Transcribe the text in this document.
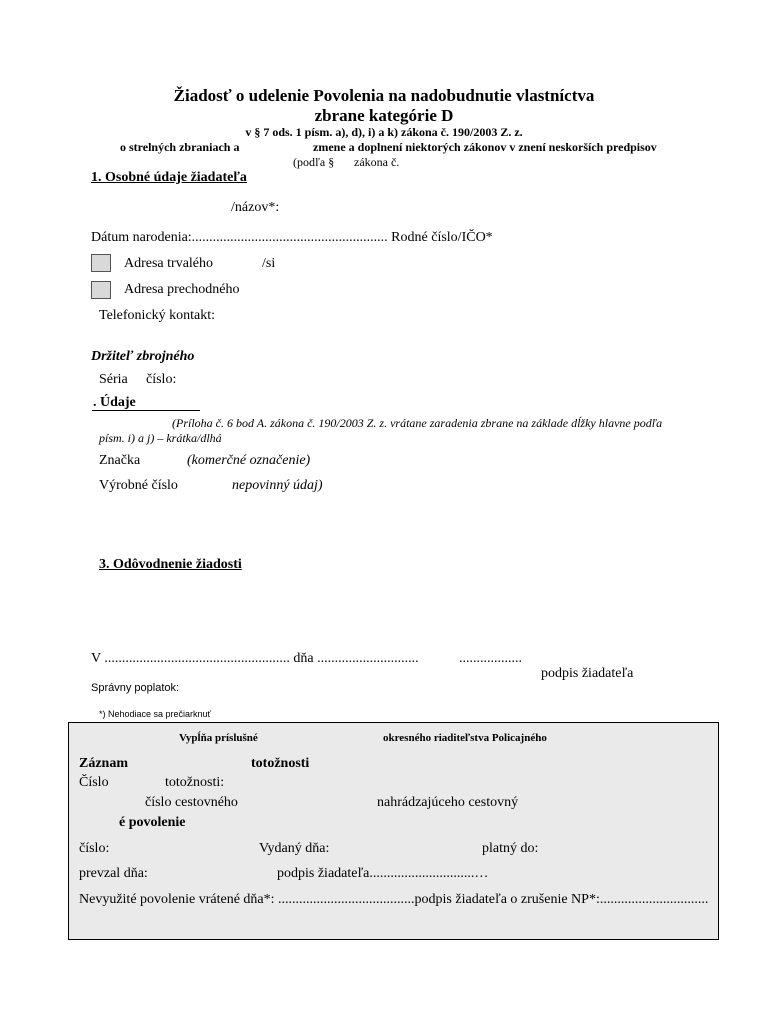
Žiadosť o udelenie Povolenia na nadobudnutie vlastníctva
zbrane kategórie D
v § 7 ods. 1 písm. a), d), i) a k) zákona č. 190/2003 Z. z.
o strelných zbraniach a	zmene a doplnení niektorých zákonov v znení neskorších predpisov
(podľa § zákona č.
1. Osobné údaje žiadateľa
/názov*:
Dátum narodenia:........................................................ Rodné číslo/IČO*
Adresa trvalého	/si
Adresa prechodného
Telefonický kontakt:
Držiteľ zbrojného
Séria číslo:
. Údaje
(Príloha č. 6 bod A. zákona č. 190/2003 Z. z. vrátane zaradenia zbrane na základe dĺžky hlavne podľa
písm. i) a j) – krátka/dlhá
Značka	(komerčné označenie)
Výrobné číslo	nepovinný údaj)
3. Odôvodnenie žiadosti
V ..................................................... dňa .............................	..................
podpis žiadateľa
Správny poplatok:
*) Nehodiace sa prečiarknuť
Vypĺňa príslušné	okresného riaditeľstva Policajného
Záznam	totožnosti
Číslo	totožnosti:
číslo cestovného	nahrádzajúceho cestovný
é povolenie
číslo:	Vydaný dňa:	platný do:
prevzal dňa:	podpis žiadateľa..............................…
Nevyužité povolenie vrátené dňa*: .......................................podpis žiadateľa o zrušenie NP*:...............................
